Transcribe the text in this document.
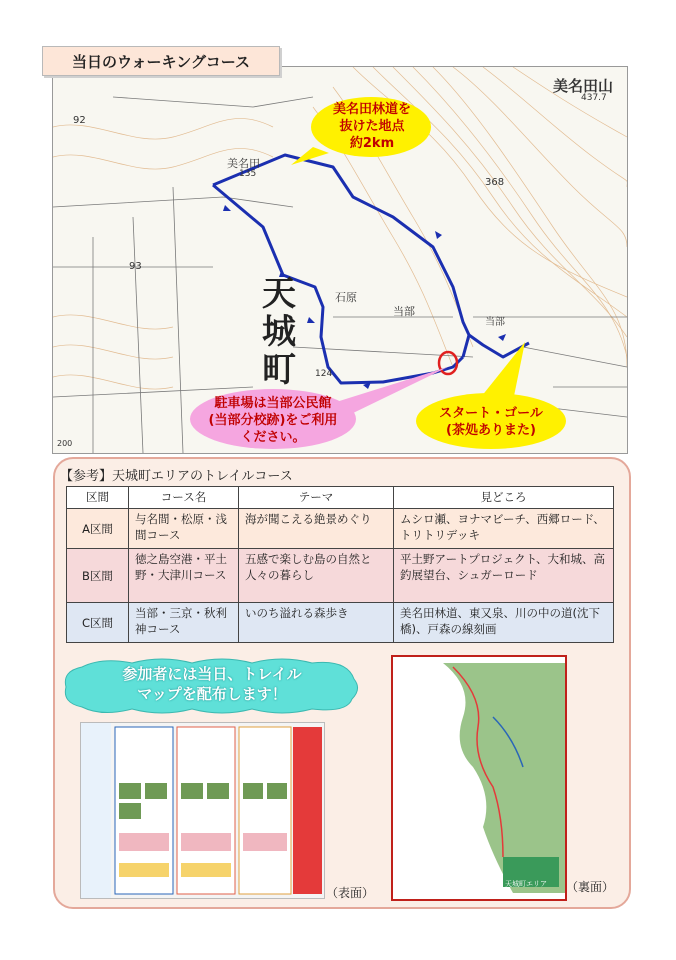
当日のウォーキングコース
美名田山
437.7
美名田
135
92
93
368
石原
当部
当部
124
200
天城町
美名田林道を
抜けた地点
約2km
駐車場は当部公民館
(当部分校跡)をご利用
ください。
スタート・ゴール
(茶処ありまた)
【参考】天城町エリアのトレイルコース
区間	コース名	テーマ	見どころ
A区間	与名間・松原・浅間コース	海が聞こえる絶景めぐり	ムシロ瀬、ヨナマビーチ、西郷ロード、トリトリデッキ
B区間	徳之島空港・平土野・大津川コース	五感で楽しむ島の自然と人々の暮らし	平土野アートプロジェクト、大和城、高釣展望台、シュガーロード
C区間	当部・三京・秋利神コース	いのち溢れる森歩き	美名田林道、東又泉、川の中の道(沈下橋)、戸森の線刻画
参加者には当日、トレイル
マップを配布します！
（表面）
天城町エリア （裏面）
